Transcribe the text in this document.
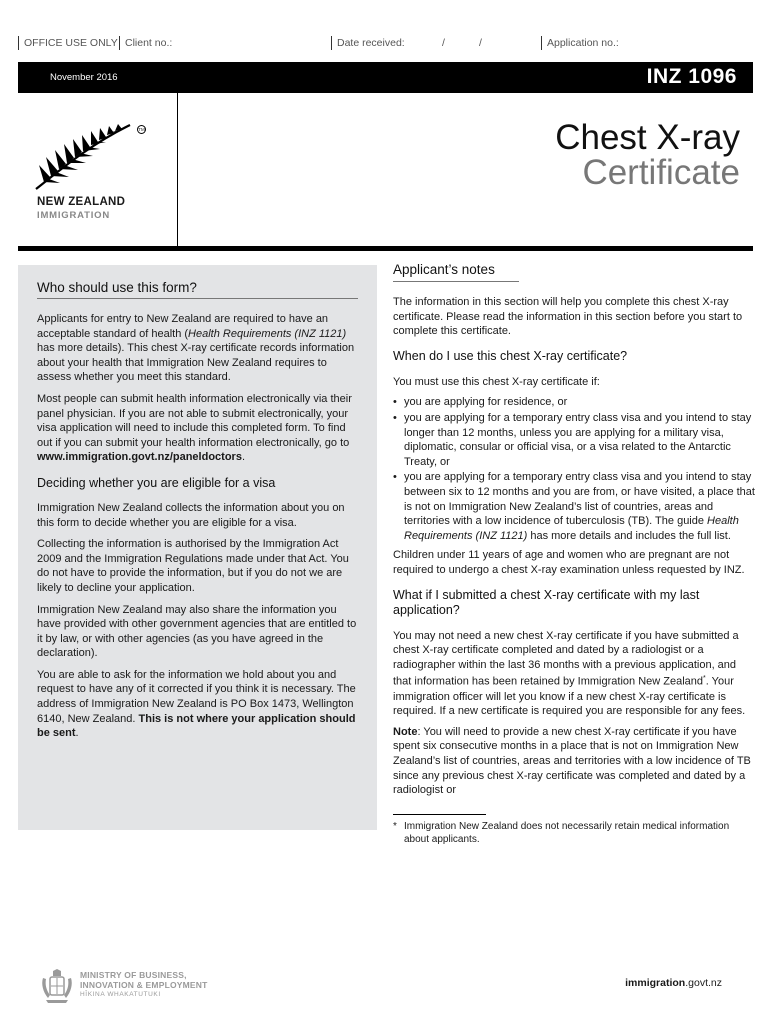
OFFICE USE ONLY Client no.:	Date received:	/	/	Application no.:
November 2016	INZ 1096
TM
NEW ZEALAND
IMMIGRATION
Chest X-ray
Certificate
Who should use this form?

Applicants for entry to New Zealand are required to have an acceptable standard of health (Health Requirements (INZ 1121) has more details). This chest X-ray certificate records information about your health that Immigration New Zealand requires to assess whether you meet this standard.

Most people can submit health information electronically via their panel physician. If you are not able to submit electronically, your visa application will need to include this completed form. To find out if you can submit your health information electronically, go to www.immigration.govt.nz/paneldoctors.

Deciding whether you are eligible for a visa

Immigration New Zealand collects the information about you on this form to decide whether you are eligible for a visa.

Collecting the information is authorised by the Immigration Act 2009 and the Immigration Regulations made under that Act. You do not have to provide the information, but if you do not we are likely to decline your application.

Immigration New Zealand may also share the information you have provided with other government agencies that are entitled to it by law, or with other agencies (as you have agreed in the declaration).

You are able to ask for the information we hold about you and request to have any of it corrected if you think it is necessary. The address of Immigration New Zealand is PO Box 1473, Wellington 6140, New Zealand. This is not where your application should be sent.

Applicant’s notes

The information in this section will help you complete this chest X-ray certificate. Please read the information in this section before you start to complete this certificate.

When do I use this chest X-ray certificate?

You must use this chest X-ray certificate if:

• you are applying for residence, or
• you are applying for a temporary entry class visa and you intend to stay longer than 12 months, unless you are applying for a military visa, diplomatic, consular or official visa, or a visa related to the Antarctic Treaty, or
• you are applying for a temporary entry class visa and you intend to stay between six to 12 months and you are from, or have visited, a place that is not on Immigration New Zealand’s list of countries, areas and territories with a low incidence of tuberculosis (TB). The guide Health Requirements (INZ 1121) has more details and includes the full list.

Children under 11 years of age and women who are pregnant are not required to undergo a chest X-ray examination unless requested by INZ.

What if I submitted a chest X-ray certificate with my last application?

You may not need a new chest X-ray certificate if you have submitted a chest X-ray certificate completed and dated by a radiologist or a radiographer within the last 36 months with a previous application, and that information has been retained by Immigration New Zealand*. Your immigration officer will let you know if a new chest X-ray certificate is required. If a new certificate is required you are responsible for any fees.

Note: You will need to provide a new chest X-ray certificate if you have spent six consecutive months in a place that is not on Immigration New Zealand’s list of countries, areas and territories with a low incidence of TB since any previous chest X-ray certificate was completed and dated by a radiologist or

* Immigration New Zealand does not necessarily retain medical information about applicants.
MINISTRY OF BUSINESS,
INNOVATION & EMPLOYMENT
HĪKINA WHAKATUTUKI
immigration.govt.nz
